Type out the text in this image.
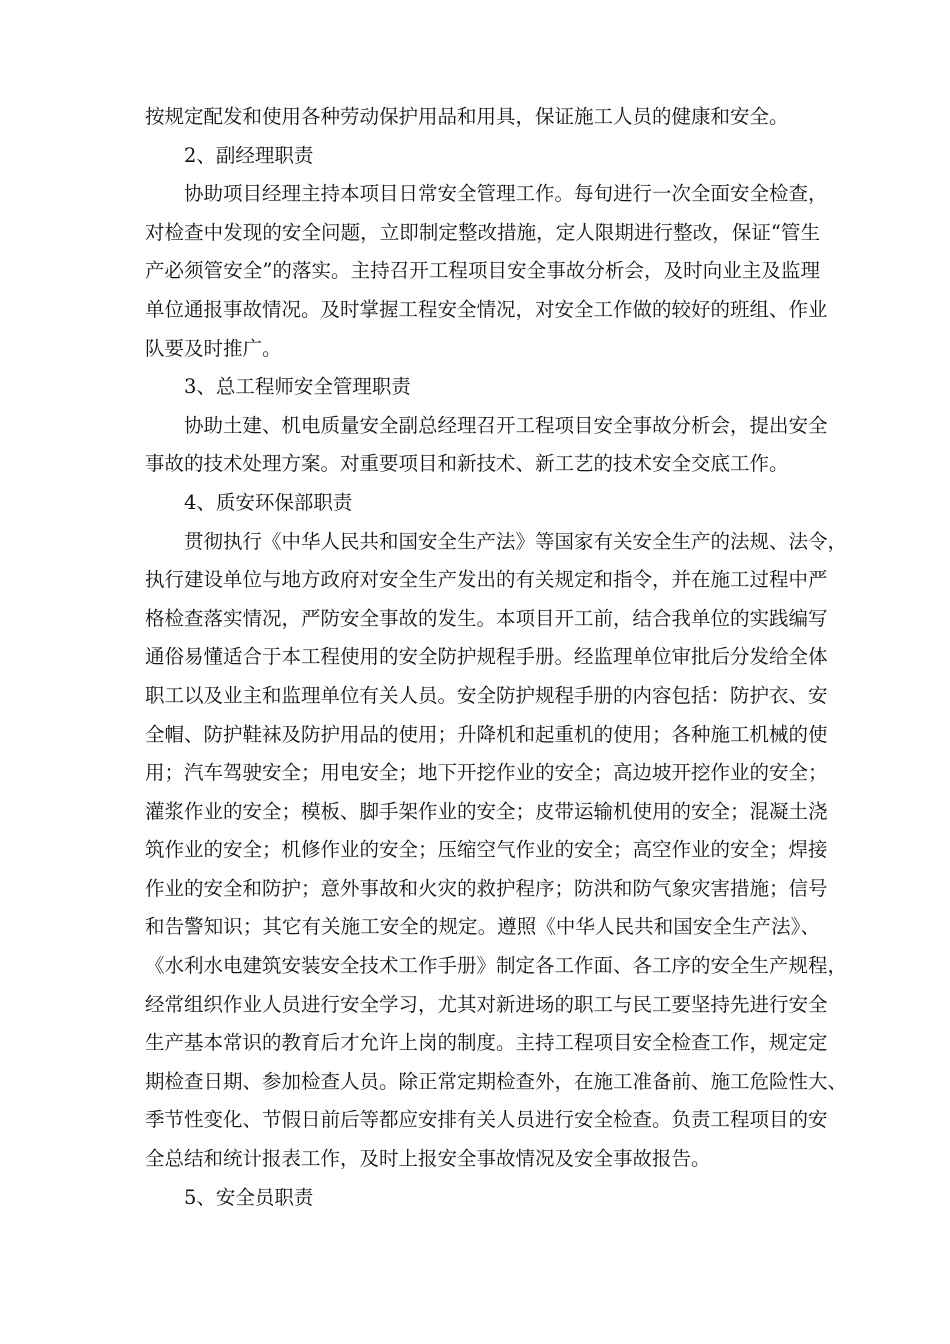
按规定配发和使用各种劳动保护用品和用具，保证施工人员的健康和安全。
2、副经理职责
协助项目经理主持本项目日常安全管理工作。每旬进行一次全面安全检查，
对检查中发现的安全问题，立即制定整改措施，定人限期进行整改，保证“管生
产必须管安全”的落实。主持召开工程项目安全事故分析会，及时向业主及监理
单位通报事故情况。及时掌握工程安全情况，对安全工作做的较好的班组、作业
队要及时推广。
3、总工程师安全管理职责
协助土建、机电质量安全副总经理召开工程项目安全事故分析会，提出安全
事故的技术处理方案。对重要项目和新技术、新工艺的技术安全交底工作。
4、质安环保部职责
贯彻执行《中华人民共和国安全生产法》等国家有关安全生产的法规、法令，
执行建设单位与地方政府对安全生产发出的有关规定和指令，并在施工过程中严
格检查落实情况，严防安全事故的发生。本项目开工前，结合我单位的实践编写
通俗易懂适合于本工程使用的安全防护规程手册。经监理单位审批后分发给全体
职工以及业主和监理单位有关人员。安全防护规程手册的内容包括：防护衣、安
全帽、防护鞋袜及防护用品的使用；升降机和起重机的使用；各种施工机械的使
用；汽车驾驶安全；用电安全；地下开挖作业的安全；高边坡开挖作业的安全；
灌浆作业的安全；模板、脚手架作业的安全；皮带运输机使用的安全；混凝土浇
筑作业的安全；机修作业的安全；压缩空气作业的安全；高空作业的安全；焊接
作业的安全和防护；意外事故和火灾的救护程序；防洪和防气象灾害措施；信号
和告警知识；其它有关施工安全的规定。遵照《中华人民共和国安全生产法》、
《水利水电建筑安装安全技术工作手册》制定各工作面、各工序的安全生产规程，
经常组织作业人员进行安全学习，尤其对新进场的职工与民工要坚持先进行安全
生产基本常识的教育后才允许上岗的制度。主持工程项目安全检查工作，规定定
期检查日期、参加检查人员。除正常定期检查外，在施工准备前、施工危险性大、
季节性变化、节假日前后等都应安排有关人员进行安全检查。负责工程项目的安
全总结和统计报表工作，及时上报安全事故情况及安全事故报告。
5、安全员职责
